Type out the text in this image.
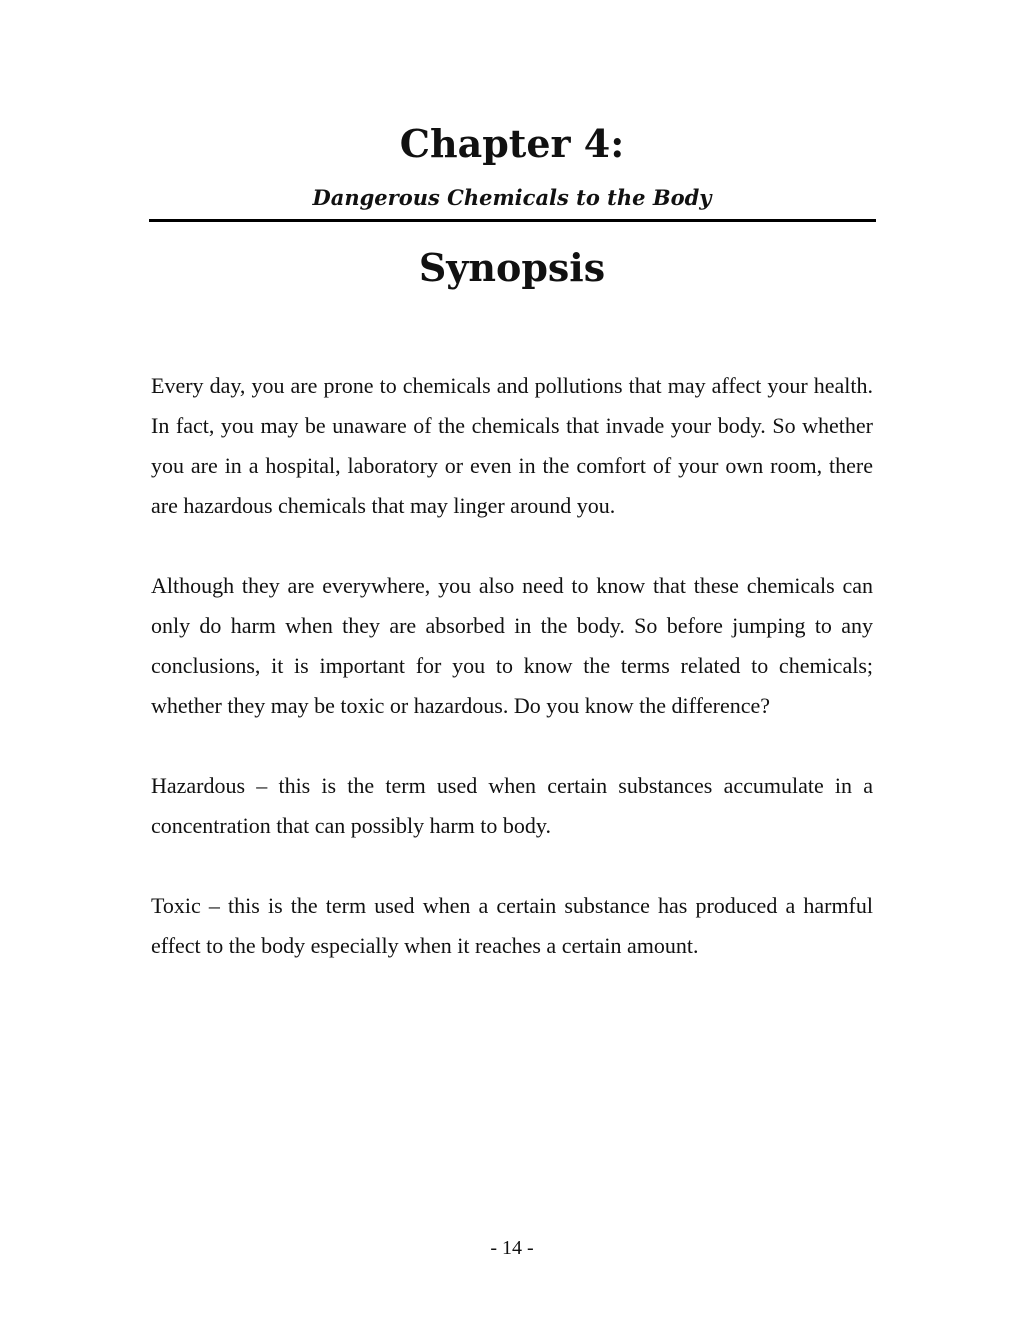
Chapter 4:
Dangerous Chemicals to the Body
Synopsis

Every day, you are prone to chemicals and pollutions that may affect your health. In fact, you may be unaware of the chemicals that invade your body. So whether you are in a hospital, laboratory or even in the comfort of your own room, there are hazardous chemicals that may linger around you.

Although they are everywhere, you also need to know that these chemicals can only do harm when they are absorbed in the body. So before jumping to any conclusions, it is important for you to know the terms related to chemicals; whether they may be toxic or hazardous. Do you know the difference?

Hazardous – this is the term used when certain substances accumulate in a concentration that can possibly harm to body.

Toxic – this is the term used when a certain substance has produced a harmful effect to the body especially when it reaches a certain amount.

- 14 -
